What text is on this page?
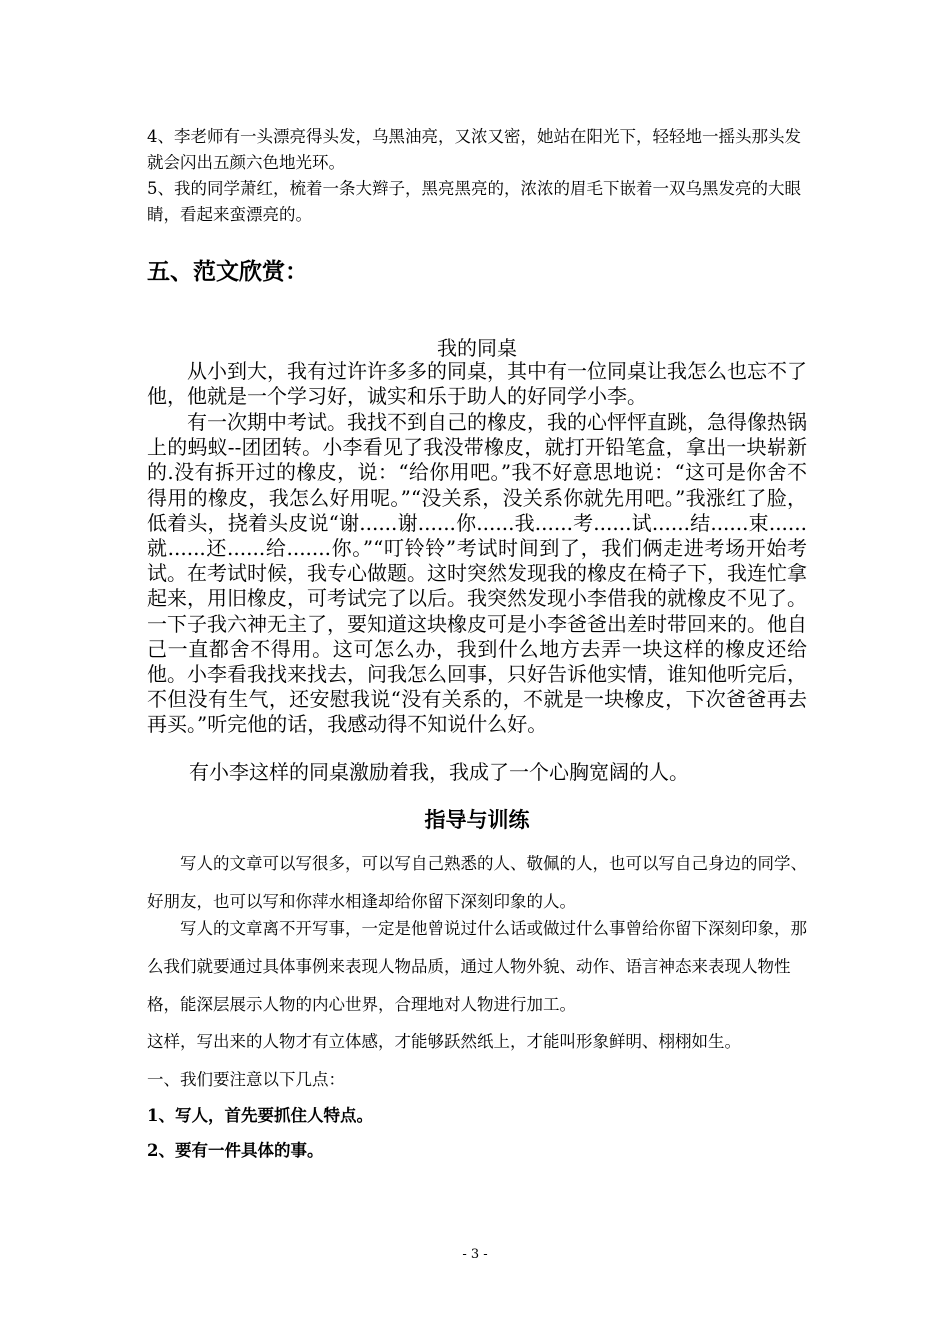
4、李老师有一头漂亮得头发，乌黑油亮，又浓又密，她站在阳光下，轻轻地一摇头那头发就会闪出五颜六色地光环。

5、我的同学萧红，梳着一条大辫子，黑亮黑亮的，浓浓的眉毛下嵌着一双乌黑发亮的大眼睛，看起来蛮漂亮的。

五、范文欣赏：
我的同桌

从小到大，我有过许许多多的同桌，其中有一位同桌让我怎么也忘不了他，他就是一个学习好，诚实和乐于助人的好同学小李。

有一次期中考试。我找不到自己的橡皮，我的心怦怦直跳，急得像热锅上的蚂蚁--团团转。小李看见了我没带橡皮，就打开铅笔盒，拿出一块崭新的.没有拆开过的橡皮，说：“给你用吧。”我不好意思地说：“这可是你舍不得用的橡皮，我怎么好用呢。”“没关系，没关系你就先用吧。”我涨红了脸，低着头，挠着头皮说“谢......谢......你......我......考......试......结......束......就......还......给.......你。”“叮铃铃”考试时间到了，我们俩走进考场开始考试。在考试时候，我专心做题。这时突然发现我的橡皮在椅子下，我连忙拿起来，用旧橡皮，可考试完了以后。我突然发现小李借我的就橡皮不见了。一下子我六神无主了，要知道这块橡皮可是小李爸爸出差时带回来的。他自己一直都舍不得用。这可怎么办，我到什么地方去弄一块这样的橡皮还给他。小李看我找来找去，问我怎么回事，只好告诉他实情，谁知他听完后，不但没有生气，还安慰我说“没有关系的，不就是一块橡皮，下次爸爸再去再买。”听完他的话，我感动得不知说什么好。

有小李这样的同桌激励着我，我成了一个心胸宽阔的人。

指导与训练

写人的文章可以写很多，可以写自己熟悉的人、敬佩的人，也可以写自己身边的同学、好朋友，也可以写和你萍水相逢却给你留下深刻印象的人。

写人的文章离不开写事，一定是他曾说过什么话或做过什么事曾给你留下深刻印象，那么我们就要通过具体事例来表现人物品质，通过人物外貌、动作、语言神态来表现人物性格，能深层展示人物的内心世界，合理地对人物进行加工。

这样，写出来的人物才有立体感，才能够跃然纸上，才能叫形象鲜明、栩栩如生。

一、我们要注意以下几点：

1、写人，首先要抓住人特点。

2、要有一件具体的事。

- 3 -
